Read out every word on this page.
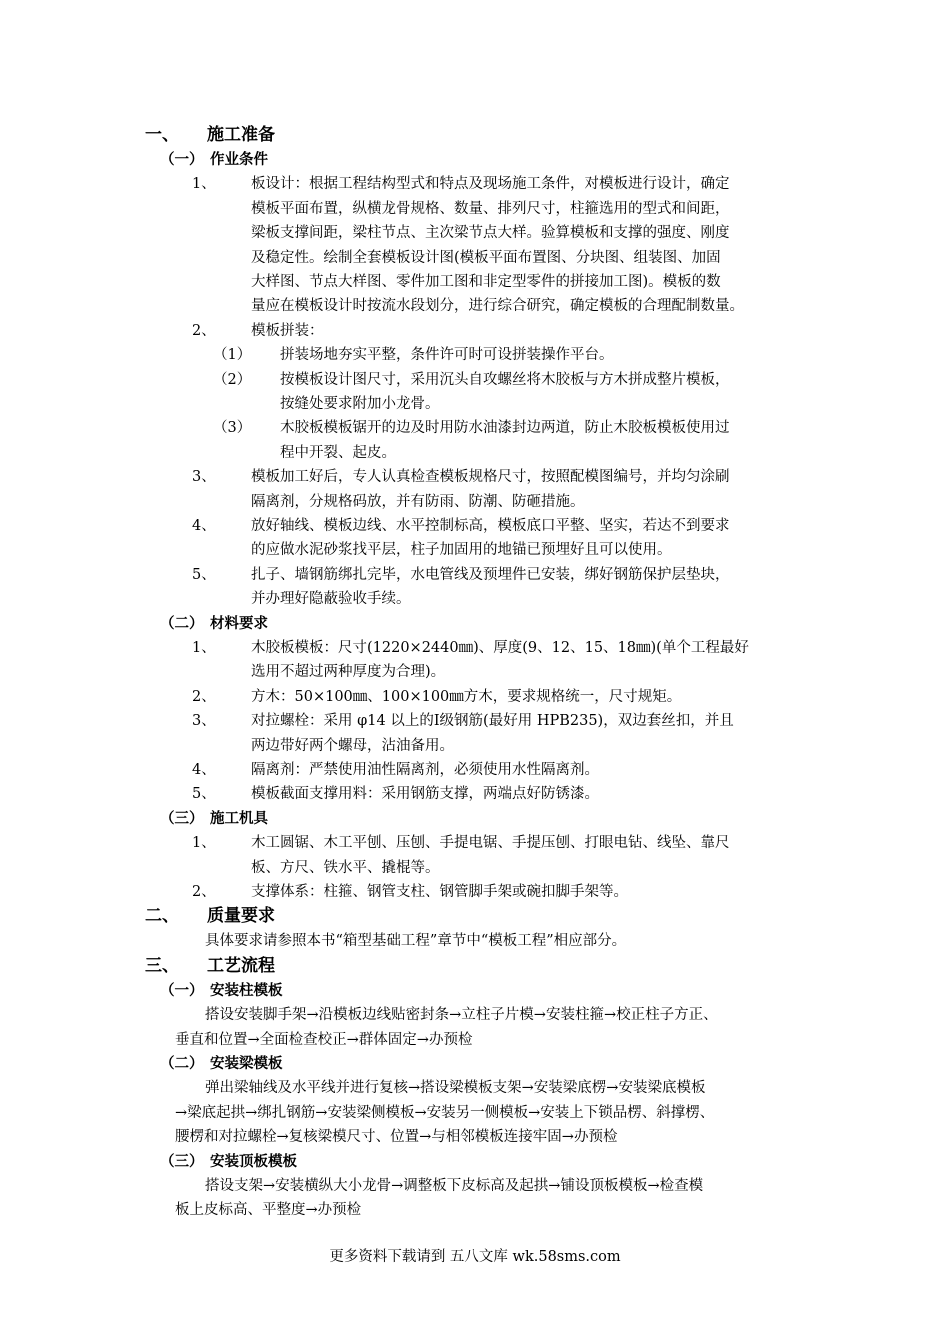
一、 施工准备
（一） 作业条件
1、 板设计：根据工程结构型式和特点及现场施工条件，对模板进行设计，确定
模板平面布置，纵横龙骨规格、数量、排列尺寸，柱箍选用的型式和间距，
梁板支撑间距，梁柱节点、主次梁节点大样。验算模板和支撑的强度、刚度
及稳定性。绘制全套模板设计图(模板平面布置图、分块图、组装图、加固
大样图、节点大样图、零件加工图和非定型零件的拼接加工图)。模板的数
量应在模板设计时按流水段划分，进行综合研究，确定模板的合理配制数量。
2、 模板拼装：
（1） 拼装场地夯实平整，条件许可时可设拼装操作平台。
（2） 按模板设计图尺寸，采用沉头自攻螺丝将木胶板与方木拼成整片模板，
按缝处要求附加小龙骨。
（3） 木胶板模板锯开的边及时用防水油漆封边两道，防止木胶板模板使用过
程中开裂、起皮。
3、 模板加工好后，专人认真检查模板规格尺寸，按照配模图编号，并均匀涂刷
隔离剂，分规格码放，并有防雨、防潮、防砸措施。
4、 放好轴线、模板边线、水平控制标高，模板底口平整、坚实，若达不到要求
的应做水泥砂浆找平层，柱子加固用的地锚已预埋好且可以使用。
5、 扎子、墙钢筋绑扎完毕，水电管线及预埋件已安装，绑好钢筋保护层垫块，
并办理好隐蔽验收手续。
（二） 材料要求
1、 木胶板模板：尺寸(1220×2440㎜)、厚度(9、12、15、18㎜)(单个工程最好
选用不超过两种厚度为合理)。
2、 方木：50×100㎜、100×100㎜方木，要求规格统一，尺寸规矩。
3、 对拉螺栓：采用 φ14 以上的Ⅰ级钢筋(最好用 HPB235)，双边套丝扣，并且
两边带好两个螺母，沾油备用。
4、 隔离剂：严禁使用油性隔离剂，必须使用水性隔离剂。
5、 模板截面支撑用料：采用钢筋支撑，两端点好防锈漆。
（三） 施工机具
1、 木工圆锯、木工平刨、压刨、手提电锯、手提压刨、打眼电钻、线坠、靠尺
板、方尺、铁水平、撬棍等。
2、 支撑体系：柱箍、钢管支柱、钢管脚手架或碗扣脚手架等。
二、 质量要求
具体要求请参照本书“箱型基础工程”章节中“模板工程”相应部分。
三、 工艺流程
（一） 安装柱模板
搭设安装脚手架→沿模板边线贴密封条→立柱子片模→安装柱箍→校正柱子方正、
垂直和位置→全面检查校正→群体固定→办预检
（二） 安装梁模板
弹出梁轴线及水平线并进行复核→搭设梁模板支架→安装梁底楞→安装梁底模板
→梁底起拱→绑扎钢筋→安装梁侧模板→安装另一侧模板→安装上下锁品楞、斜撑楞、
腰楞和对拉螺栓→复核梁模尺寸、位置→与相邻模板连接牢固→办预检
（三） 安装顶板模板
搭设支架→安装横纵大小龙骨→调整板下皮标高及起拱→铺设顶板模板→检查模
板上皮标高、平整度→办预检
更多资料下载请到 五八文库 wk.58sms.com
